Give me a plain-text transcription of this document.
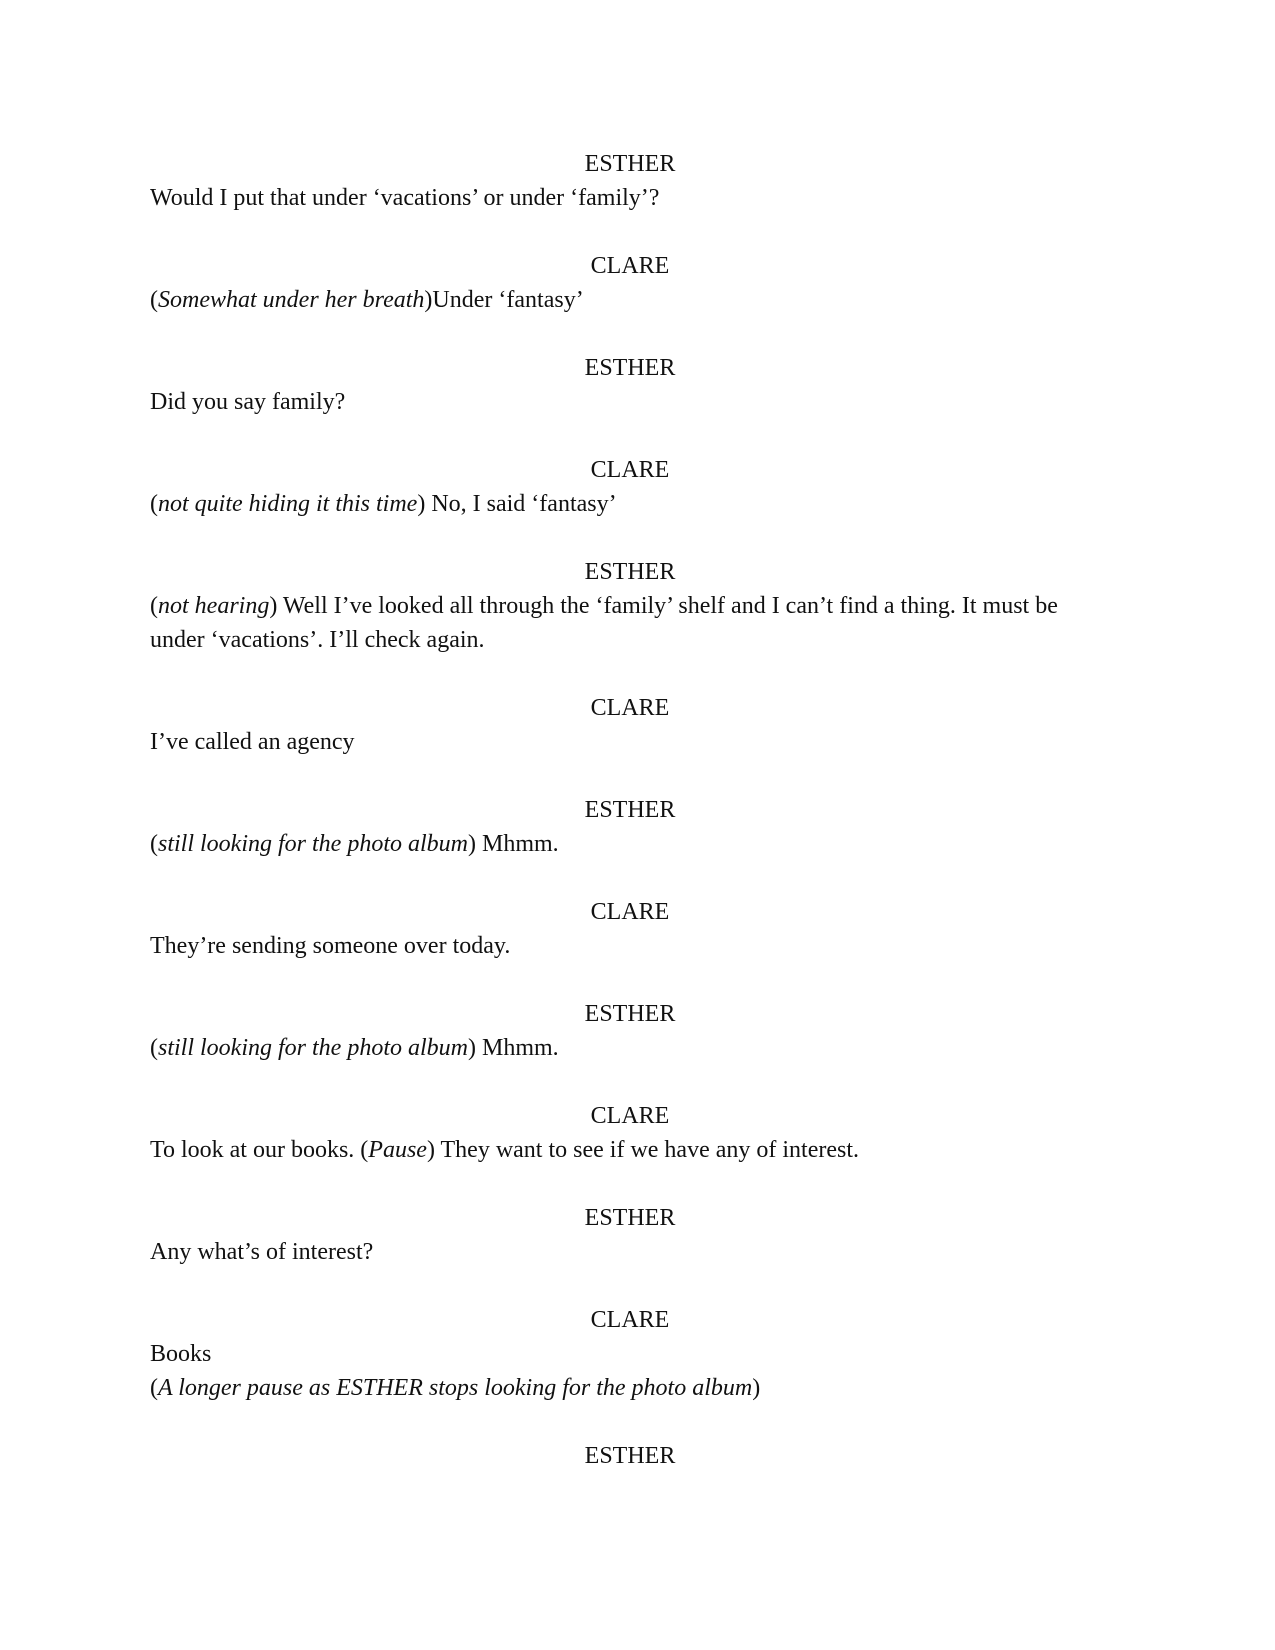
ESTHER

Would I put that under ‘vacations’ or under ‘family’?

CLARE

(Somewhat under her breath)Under ‘fantasy’

ESTHER

Did you say family?

CLARE

(not quite hiding it this time) No, I said ‘fantasy’

ESTHER

(not hearing) Well I’ve looked all through the ‘family’ shelf and I can’t find a thing. It must be

under ‘vacations’. I’ll check again.

CLARE

I’ve called an agency

ESTHER

(still looking for the photo album) Mhmm.

CLARE

They’re sending someone over today.

ESTHER

(still looking for the photo album) Mhmm.

CLARE

To look at our books. (Pause) They want to see if we have any of interest.

ESTHER

Any what’s of interest?

CLARE

Books

(A longer pause as ESTHER stops looking for the photo album)

ESTHER
